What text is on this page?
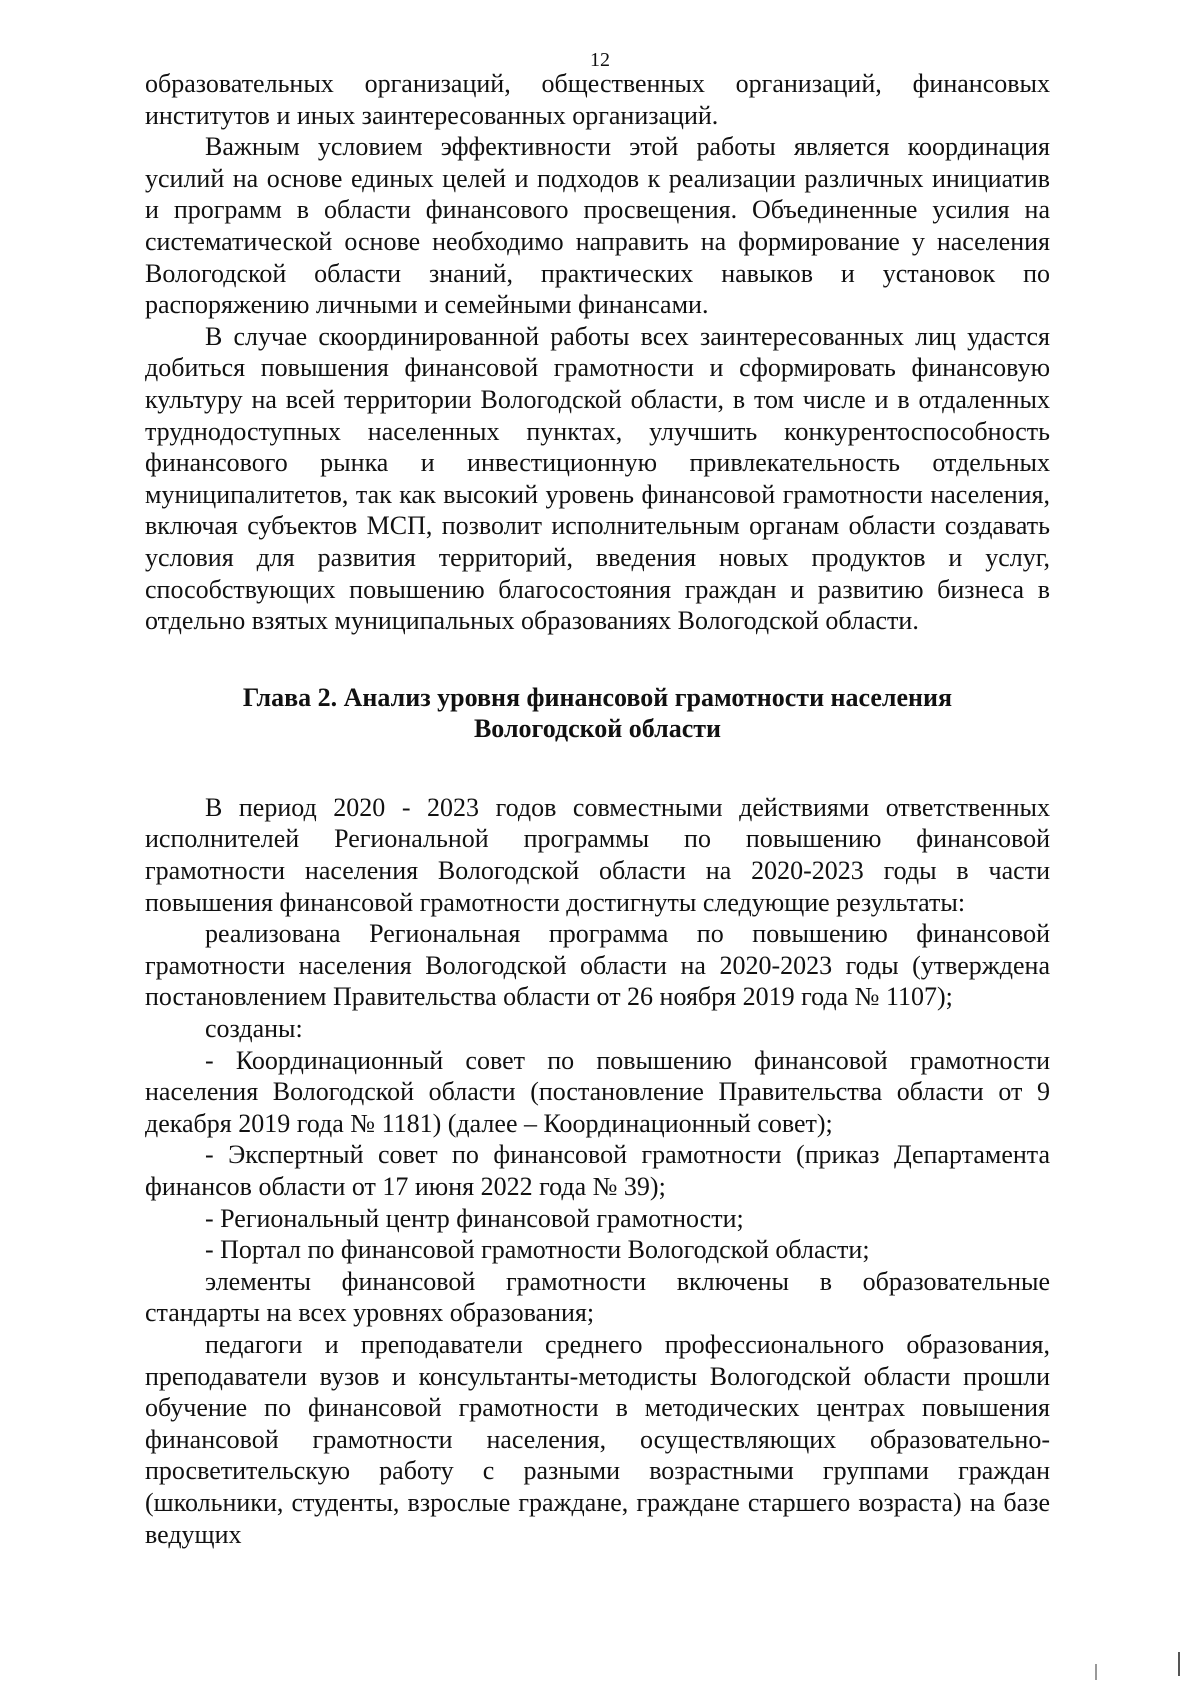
12

образовательных организаций, общественных организаций, финансовых институтов и иных заинтересованных организаций.

Важным условием эффективности этой работы является координация усилий на основе единых целей и подходов к реализации различных инициатив и программ в области финансового просвещения. Объединенные усилия на систематической основе необходимо направить на формирование у населения Вологодской области знаний, практических навыков и установок по распоряжению личными и семейными финансами.

В случае скоординированной работы всех заинтересованных лиц удастся добиться повышения финансовой грамотности и сформировать финансовую культуру на всей территории Вологодской области, в том числе и в отдаленных труднодоступных населенных пунктах, улучшить конкурентоспособность финансового рынка и инвестиционную привлекательность отдельных муниципалитетов, так как высокий уровень финансовой грамотности населения, включая субъектов МСП, позволит исполнительным органам области создавать условия для развития территорий, введения новых продуктов и услуг, способствующих повышению благосостояния граждан и развитию бизнеса в отдельно взятых муниципальных образованиях Вологодской области.

Глава 2. Анализ уровня финансовой грамотности населения
Вологодской области

В период 2020 - 2023 годов совместными действиями ответственных исполнителей Региональной программы по повышению финансовой грамотности населения Вологодской области на 2020-2023 годы в части повышения финансовой грамотности достигнуты следующие результаты:

реализована Региональная программа по повышению финансовой грамотности населения Вологодской области на 2020-2023 годы (утверждена постановлением Правительства области от 26 ноября 2019 года № 1107);

созданы:

- Координационный совет по повышению финансовой грамотности населения Вологодской области (постановление Правительства области от 9 декабря 2019 года № 1181) (далее – Координационный совет);

- Экспертный совет по финансовой грамотности (приказ Департамента финансов области от 17 июня 2022 года № 39);

- Региональный центр финансовой грамотности;

- Портал по финансовой грамотности Вологодской области;

элементы финансовой грамотности включены в образовательные стандарты на всех уровнях образования;

педагоги и преподаватели среднего профессионального образования, преподаватели вузов и консультанты-методисты Вологодской области прошли обучение по финансовой грамотности в методических центрах повышения финансовой грамотности населения, осуществляющих образовательно-просветительскую работу с разными возрастными группами граждан (школьники, студенты, взрослые граждане, граждане старшего возраста) на базе ведущих
